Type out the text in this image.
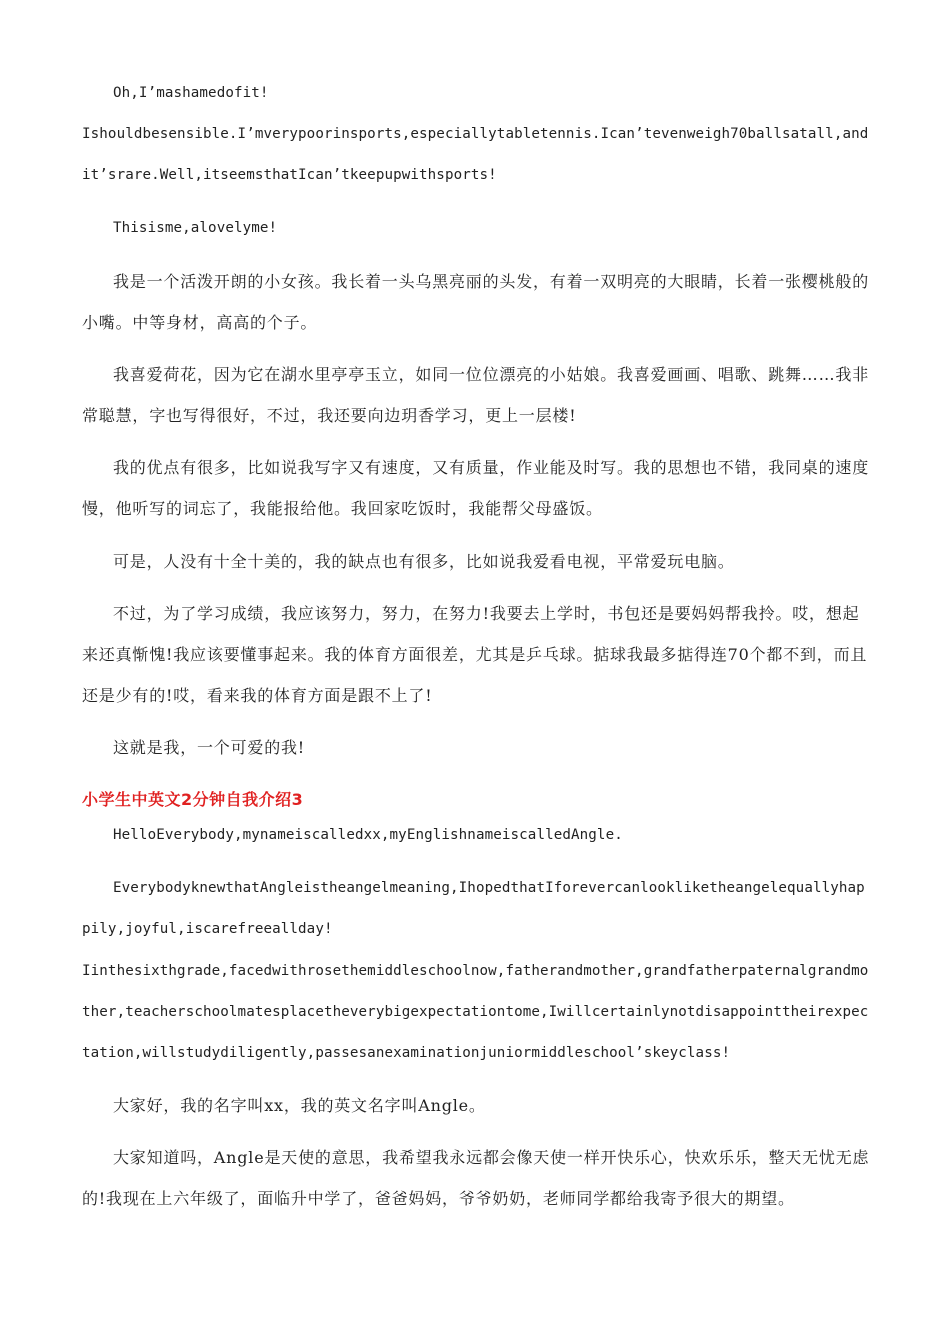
Oh,I’mashamedofit!

Ishouldbesensible.I’mverypoorinsports,especiallytabletennis.Ican’tevenweigh70ballsatall,andit’srare.Well,itseemsthatIcan’tkeepupwithsports!

Thisisme,alovelyme!

我是一个活泼开朗的小女孩。我长着一头乌黑亮丽的头发，有着一双明亮的大眼睛，长着一张樱桃般的小嘴。中等身材，高高的个子。

我喜爱荷花，因为它在湖水里亭亭玉立，如同一位位漂亮的小姑娘。我喜爱画画、唱歌、跳舞……我非常聪慧，字也写得很好，不过，我还要向边玥香学习，更上一层楼!

我的优点有很多，比如说我写字又有速度，又有质量，作业能及时写。我的思想也不错，我同桌的速度慢，他听写的词忘了，我能报给他。我回家吃饭时，我能帮父母盛饭。

可是，人没有十全十美的，我的缺点也有很多，比如说我爱看电视，平常爱玩电脑。

不过，为了学习成绩，我应该努力，努力，在努力!我要去上学时，书包还是要妈妈帮我拎。哎，想起来还真惭愧!我应该要懂事起来。我的体育方面很差，尤其是乒乓球。掂球我最多掂得连70个都不到，而且还是少有的!哎，看来我的体育方面是跟不上了!

这就是我，一个可爱的我!

小学生中英文2分钟自我介绍3

HelloEverybody,mynameiscalledxx,myEnglishnameiscalledAngle.

EverybodyknewthatAngleistheangelmeaning,IhopedthatIforevercanlookliketheangelequallyhappily,joyful,iscarefreeallday!

Iinthesixthgrade,facedwithrosethemiddleschoolnow,fatherandmother,grandfatherpaternalgrandmother,teacherschoolmatesplacetheverybigexpectationtome,Iwillcertainlynotdisappointtheirexpectation,willstudydiligently,passesanexaminationjuniormiddleschool’skeyclass!

大家好，我的名字叫xx，我的英文名字叫Angle。

大家知道吗，Angle是天使的意思，我希望我永远都会像天使一样开快乐心，快欢乐乐，整天无忧无虑的!我现在上六年级了，面临升中学了，爸爸妈妈，爷爷奶奶，老师同学都给我寄予很大的期望。
